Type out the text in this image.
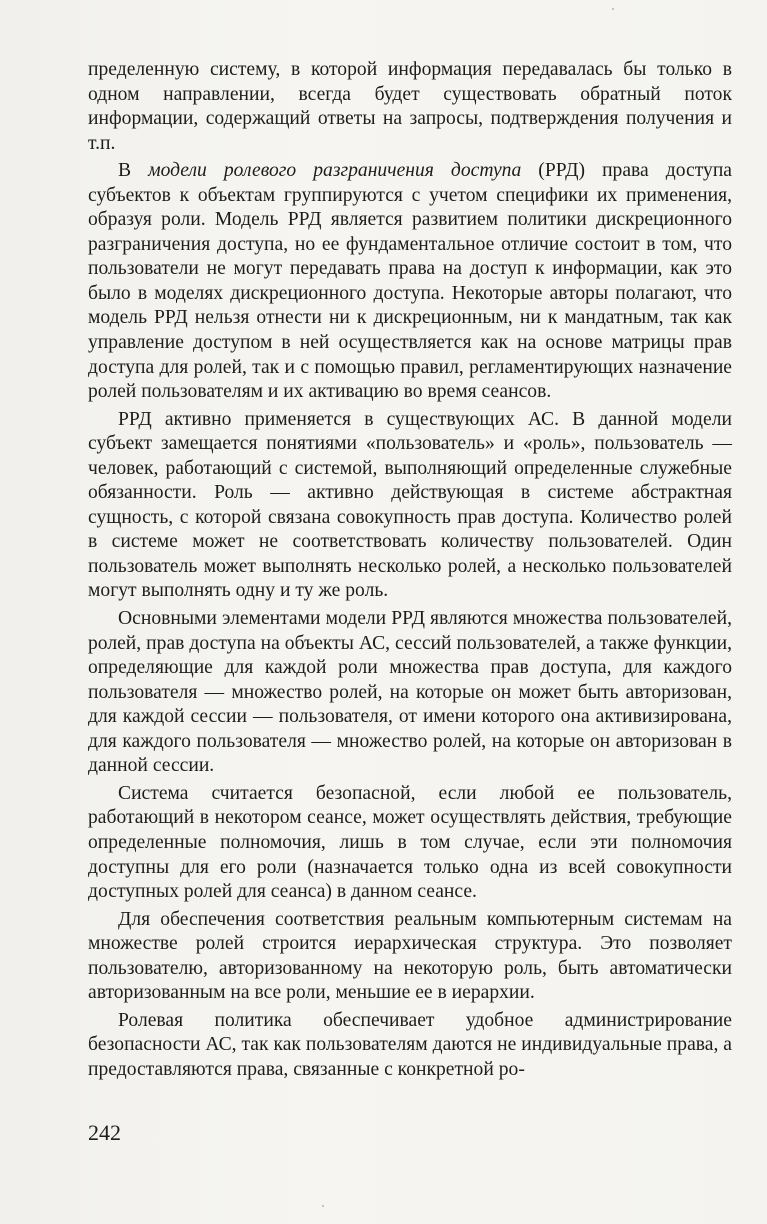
пределенную систему, в которой информация передавалась бы только в одном направлении, всегда будет существовать обратный поток информации, содержащий ответы на запросы, подтверждения получения и т.п.

В модели ролевого разграничения доступа (РРД) права доступа субъектов к объектам группируются с учетом специфики их применения, образуя роли. Модель РРД является развитием политики дискреционного разграничения доступа, но ее фундаментальное отличие состоит в том, что пользователи не могут передавать права на доступ к информации, как это было в моделях дискреционного доступа. Некоторые авторы полагают, что модель РРД нельзя отнести ни к дискреционным, ни к мандатным, так как управление доступом в ней осуществляется как на основе матрицы прав доступа для ролей, так и с помощью правил, регламентирующих назначение ролей пользователям и их активацию во время сеансов.

РРД активно применяется в существующих АС. В данной модели субъект замещается понятиями «пользователь» и «роль», пользователь — человек, работающий с системой, выполняющий определенные служебные обязанности. Роль — активно действующая в системе абстрактная сущность, с которой связана совокупность прав доступа. Количество ролей в системе может не соответствовать количеству пользователей. Один пользователь может выполнять несколько ролей, а несколько пользователей могут выполнять одну и ту же роль.

Основными элементами модели РРД являются множества пользователей, ролей, прав доступа на объекты АС, сессий пользователей, а также функции, определяющие для каждой роли множества прав доступа, для каждого пользователя — множество ролей, на которые он может быть авторизован, для каждой сессии — пользователя, от имени которого она активизирована, для каждого пользователя — множество ролей, на которые он авторизован в данной сессии.

Система считается безопасной, если любой ее пользователь, работающий в некотором сеансе, может осуществлять действия, требующие определенные полномочия, лишь в том случае, если эти полномочия доступны для его роли (назначается только одна из всей совокупности доступных ролей для сеанса) в данном сеансе.

Для обеспечения соответствия реальным компьютерным системам на множестве ролей строится иерархическая структура. Это позволяет пользователю, авторизованному на некоторую роль, быть автоматически авторизованным на все роли, меньшие ее в иерархии.

Ролевая политика обеспечивает удобное администрирование безопасности АС, так как пользователям даются не индивидуальные права, а предоставляются права, связанные с конкретной ро-

242
